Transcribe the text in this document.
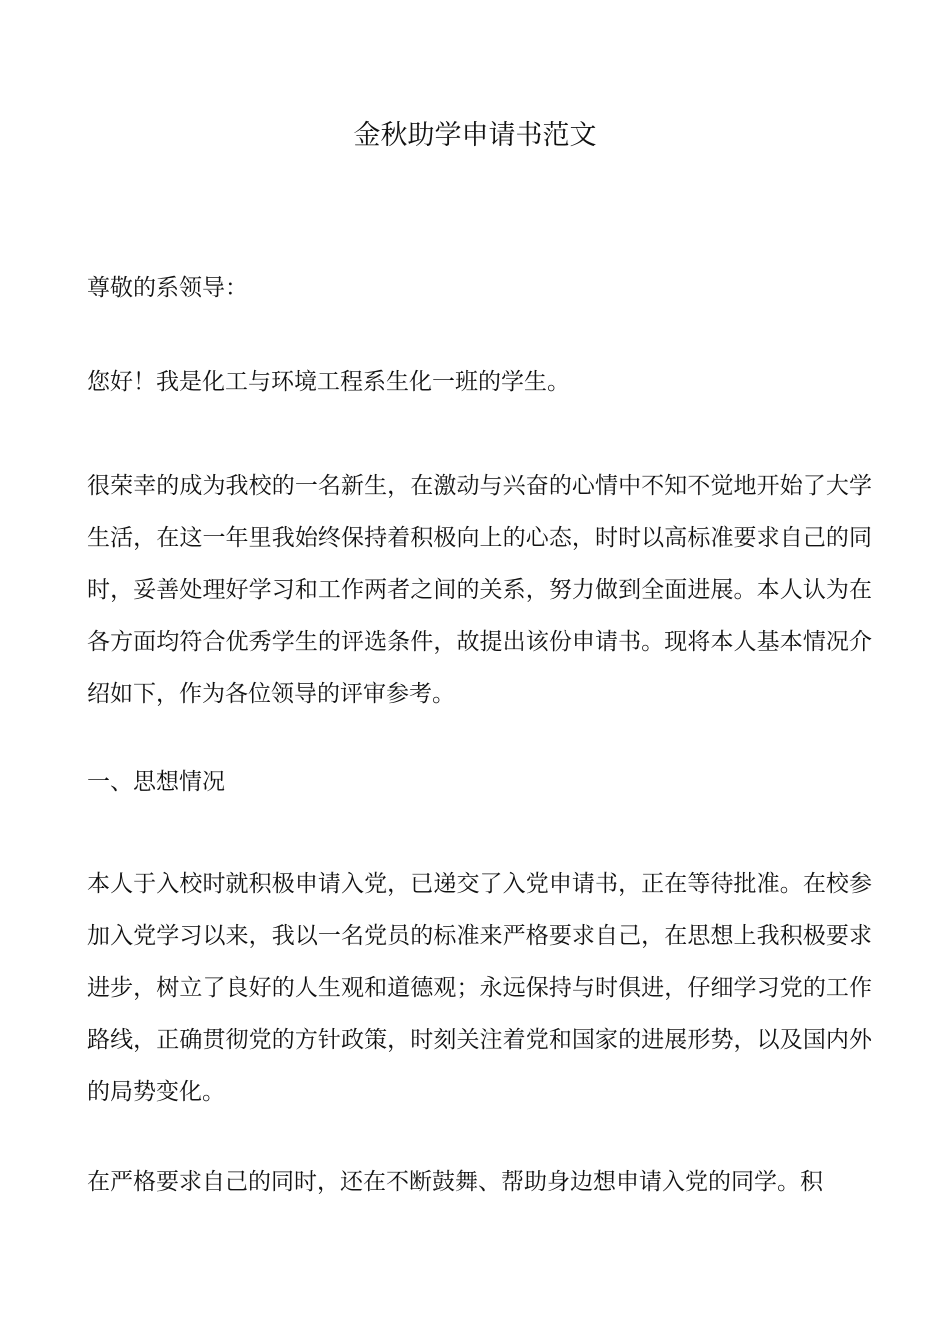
金秋助学申请书范文

尊敬的系领导：

您好！我是化工与环境工程系生化一班的学生。

很荣幸的成为我校的一名新生，在激动与兴奋的心情中不知不觉地开始了大学生活，在这一年里我始终保持着积极向上的心态，时时以高标准要求自己的同时，妥善处理好学习和工作两者之间的关系，努力做到全面进展。本人认为在各方面均符合优秀学生的评选条件，故提出该份申请书。现将本人基本情况介绍如下，作为各位领导的评审参考。

一、思想情况

本人于入校时就积极申请入党，已递交了入党申请书，正在等待批准。在校参加入党学习以来，我以一名党员的标准来严格要求自己，在思想上我积极要求进步，树立了良好的人生观和道德观；永远保持与时俱进，仔细学习党的工作路线，正确贯彻党的方针政策，时刻关注着党和国家的进展形势，以及国内外的局势变化。

在严格要求自己的同时，还在不断鼓舞、帮助身边想申请入党的同学。积
